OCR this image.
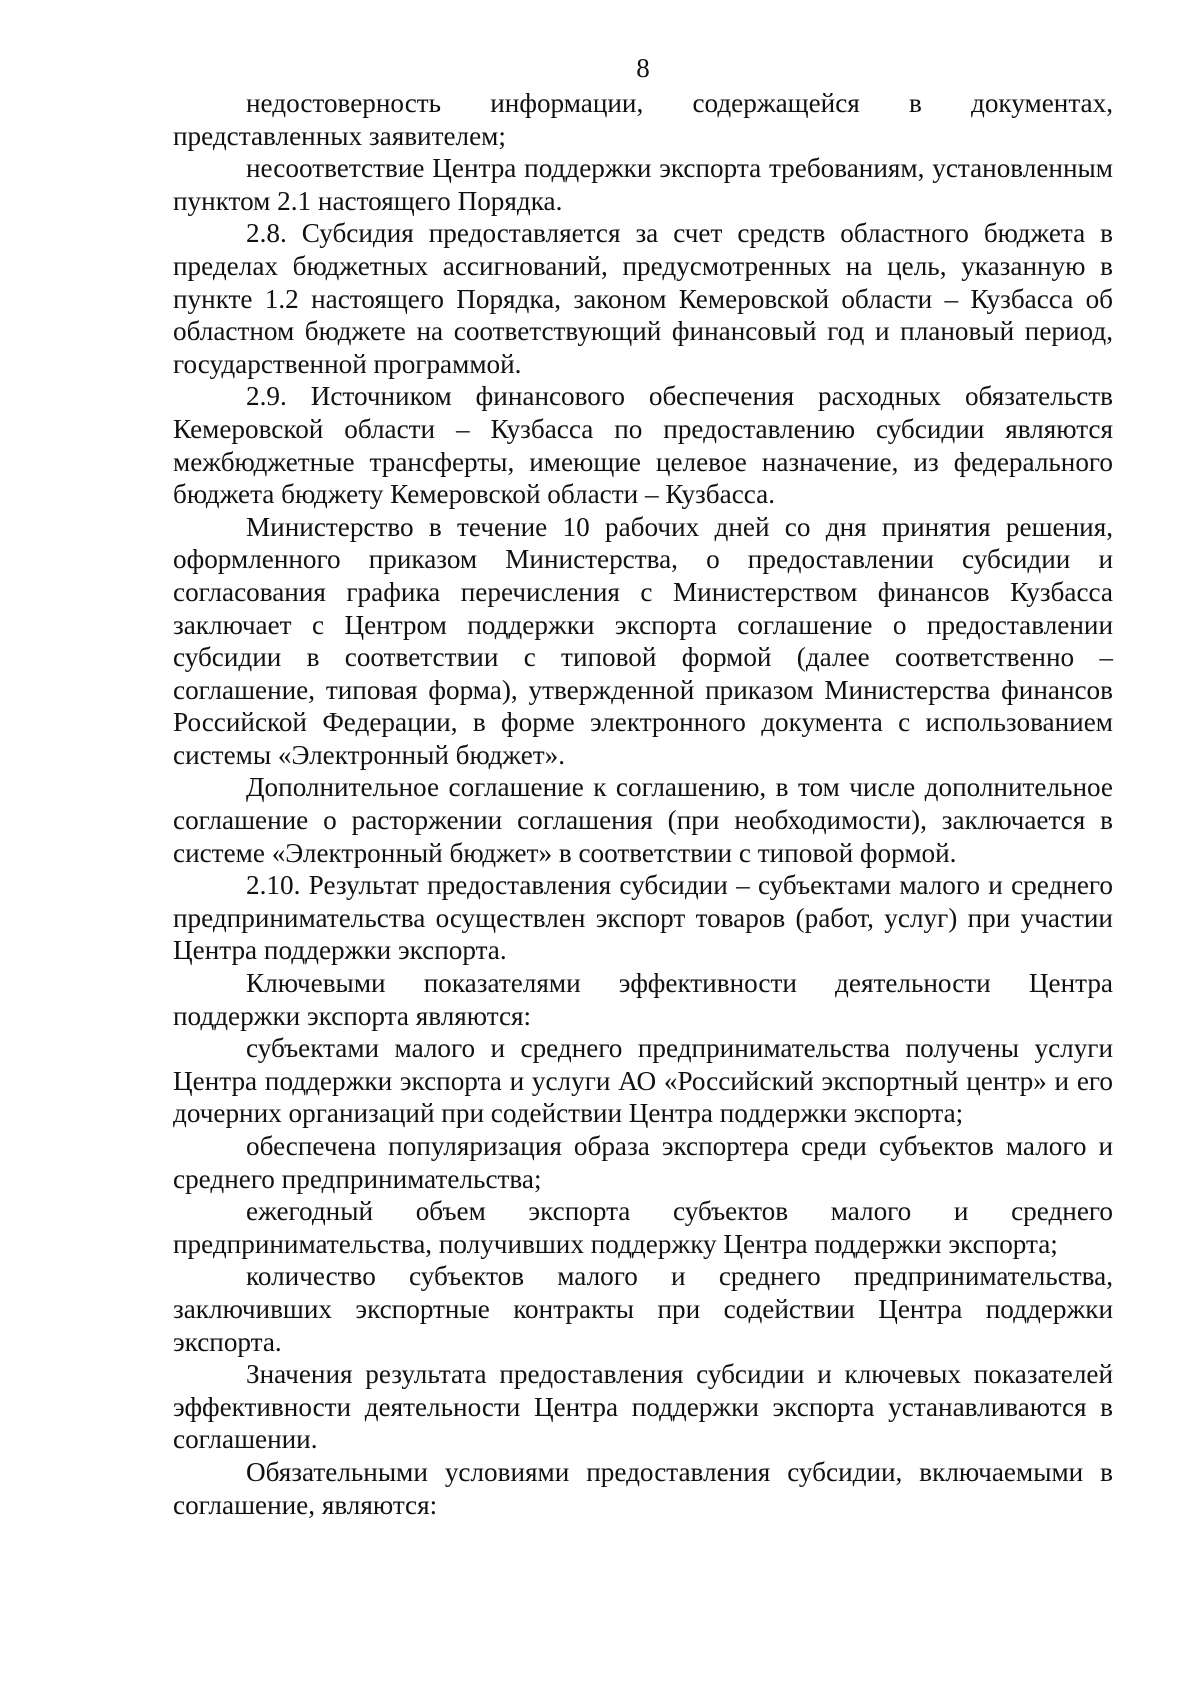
8

недостоверность информации, содержащейся в документах, представленных заявителем;

несоответствие Центра поддержки экспорта требованиям, установленным пунктом 2.1 настоящего Порядка.

2.8. Субсидия предоставляется за счет средств областного бюджета в пределах бюджетных ассигнований, предусмотренных на цель, указанную в пункте 1.2 настоящего Порядка, законом Кемеровской области – Кузбасса об областном бюджете на соответствующий финансовый год и плановый период, государственной программой.

2.9. Источником финансового обеспечения расходных обязательств Кемеровской области – Кузбасса по предоставлению субсидии являются межбюджетные трансферты, имеющие целевое назначение, из федерального бюджета бюджету Кемеровской области – Кузбасса.

Министерство в течение 10 рабочих дней со дня принятия решения, оформленного приказом Министерства, о предоставлении субсидии и согласования графика перечисления с Министерством финансов Кузбасса заключает с Центром поддержки экспорта соглашение о предоставлении субсидии в соответствии с типовой формой (далее соответственно – соглашение, типовая форма), утвержденной приказом Министерства финансов Российской Федерации, в форме электронного документа с использованием системы «Электронный бюджет».

Дополнительное соглашение к соглашению, в том числе дополнительное соглашение о расторжении соглашения (при необходимости), заключается в системе «Электронный бюджет» в соответствии с типовой формой.

2.10. Результат предоставления субсидии – субъектами малого и среднего предпринимательства осуществлен экспорт товаров (работ, услуг) при участии Центра поддержки экспорта.

Ключевыми показателями эффективности деятельности Центра поддержки экспорта являются:

субъектами малого и среднего предпринимательства получены услуги Центра поддержки экспорта и услуги АО «Российский экспортный центр» и его дочерних организаций при содействии Центра поддержки экспорта;

обеспечена популяризация образа экспортера среди субъектов малого и среднего предпринимательства;

ежегодный объем экспорта субъектов малого и среднего предпринимательства, получивших поддержку Центра поддержки экспорта;

количество субъектов малого и среднего предпринимательства, заключивших экспортные контракты при содействии Центра поддержки экспорта.

Значения результата предоставления субсидии и ключевых показателей эффективности деятельности Центра поддержки экспорта устанавливаются в соглашении.

Обязательными условиями предоставления субсидии, включаемыми в соглашение, являются:
